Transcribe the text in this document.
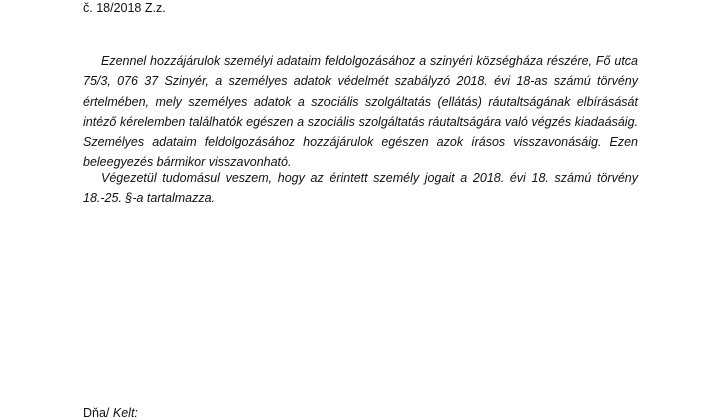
č. 18/2018 Z.z.

Ezennel hozzájárulok személyi adataim feldolgozásához a szinyéri községháza részére, Fő utca 75/3, 076 37 Szinyér, a személyes adatok védelmét szabályzó 2018. évi 18-as számú törvény értelmében, mely személyes adatok a szociális szolgáltatás (ellátás) ráutaltságának elbírásását intéző kérelemben találhatók egészen a szociális szolgáltatás ráutaltságára való végzés kiadaásáig. Személyes adataim feldolgozásához hozzájárulok egészen azok írásos visszavonásáig. Ezen beleegyezés bármikor visszavonható.

Végezetül tudomásul veszem, hogy az érintett személy jogait a 2018. évi 18. számú törvény 18.-25. §-a tartalmazza.

Dňa/ Kelt:
